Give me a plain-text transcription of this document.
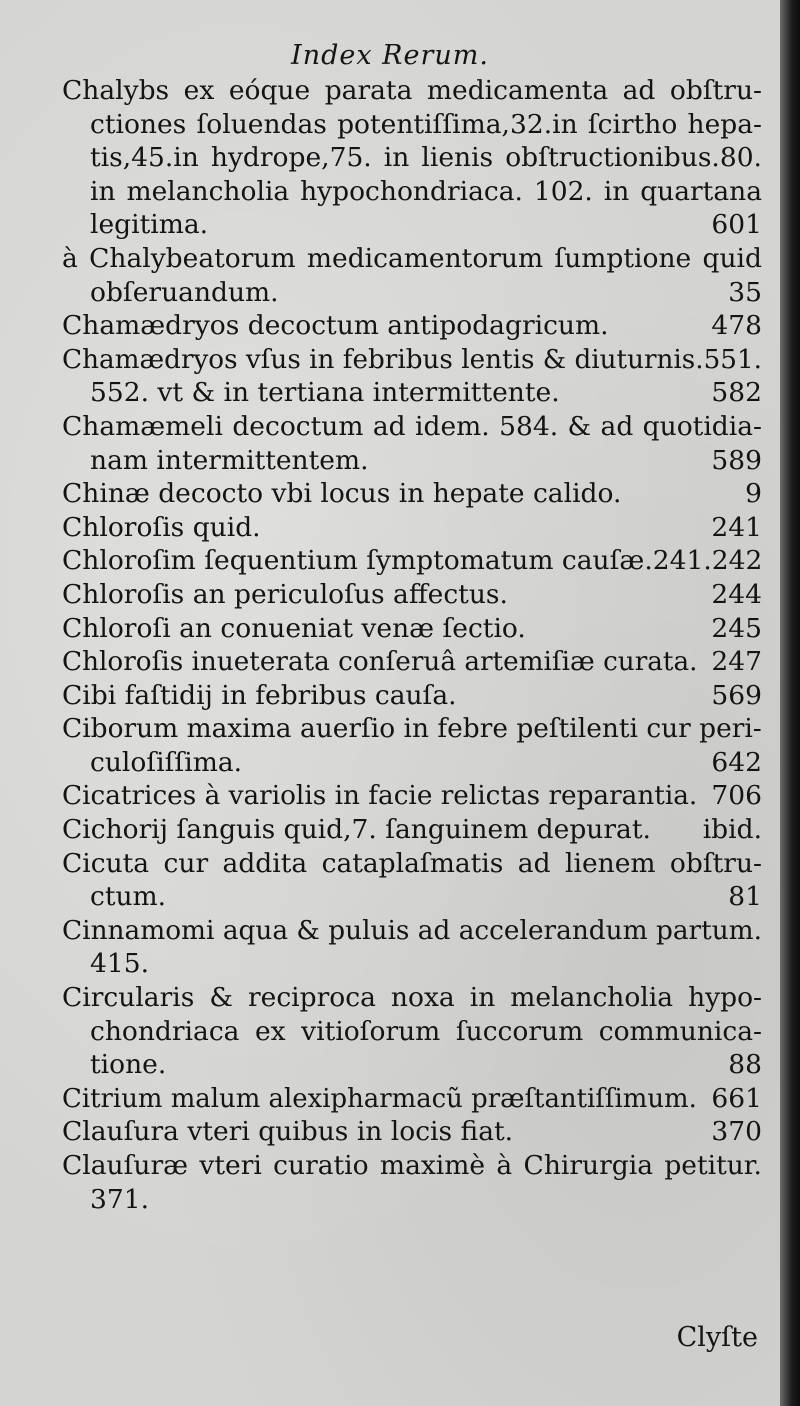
Index Rerum.
Chalybs ex eóque parata medicamenta ad obſtru-
ctiones ſoluendas potentiſſima,32.in ſcirtho hepa-
tis,45.in hydrope,75. in lienis obſtructionibus.80.
in melancholia hypochondriaca. 102. in quartana
legitima.	601
à Chalybeatorum medicamentorum ſumptione quid
obſeruandum.	35
Chamædryos decoctum antipodagricum.	478
Chamædryos vſus in febribus lentis & diuturnis.551.
552. vt & in tertiana intermittente.	582
Chamæmeli decoctum ad idem. 584. & ad quotidia-
nam intermittentem.	589
Chinæ decocto vbi locus in hepate calido.	9
Chloroſis quid.	241
Chloroſim ſequentium ſymptomatum cauſæ.241.242
Chloroſis an periculoſus affectus.	244
Chloroſi an conueniat venæ ſectio.	245
Chloroſis inueterata conſeruâ artemiſiæ curata. 247
Cibi faſtidij in febribus cauſa.	569
Ciborum maxima auerſio in febre peſtilenti cur peri-
culoſiſſima.	642
Cicatrices à variolis in facie relictas reparantia. 706
Cichorij ſanguis quid,7. ſanguinem depurat. ibid.
Cicuta cur addita cataplaſmatis ad lienem obſtru-
ctum.	81
Cinnamomi aqua & puluis ad accelerandum partum.
415.
Circularis & reciproca noxa in melancholia hypo-
chondriaca ex vitioſorum ſuccorum communica-
tione.	88
Citrium malum alexipharmacũ præſtantiſſimum. 661
Clauſura vteri quibus in locis fiat.	370
Clauſuræ vteri curatio maximè à Chirurgia petitur.
371.
Clyſte
